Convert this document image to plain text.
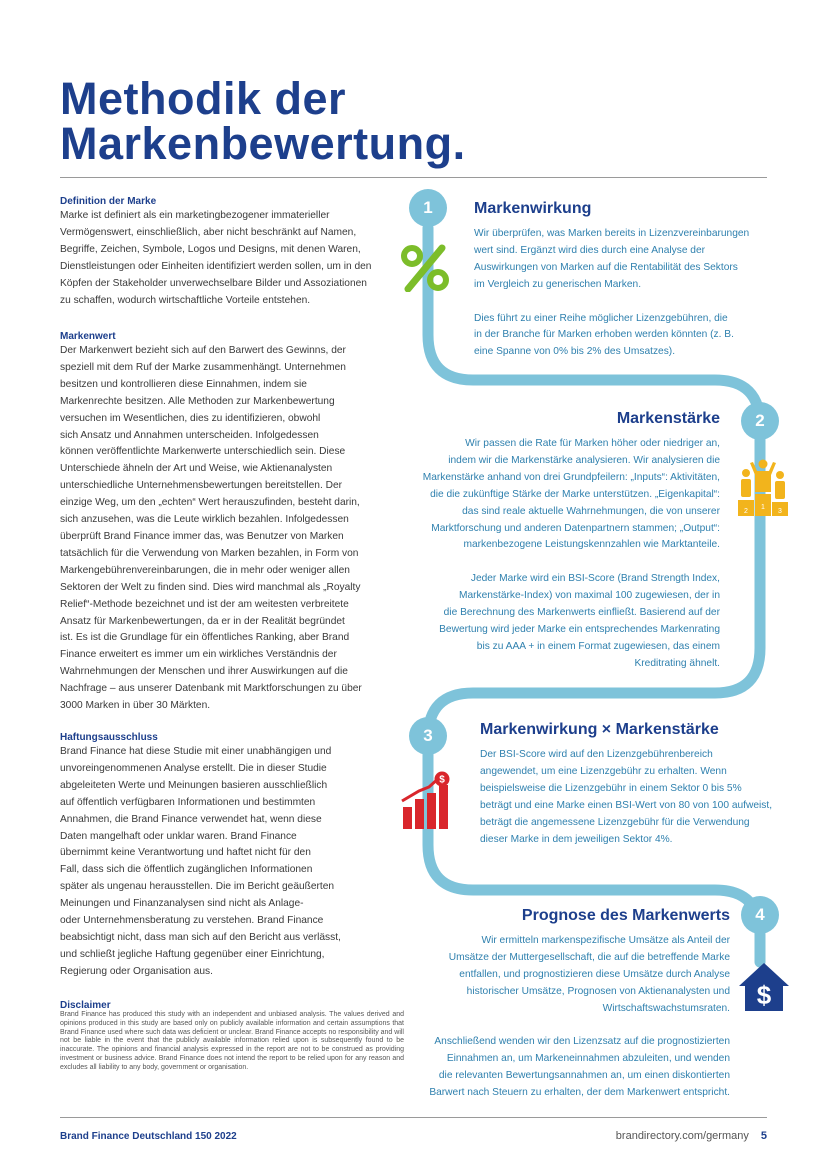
Methodik der
Markenbewertung.

Definition der Marke

Marke ist definiert als ein marketingbezogener immaterieller
Vermögenswert, einschließlich, aber nicht beschränkt auf Namen,
Begriffe, Zeichen, Symbole, Logos und Designs, mit denen Waren,
Dienstleistungen oder Einheiten identifiziert werden sollen, um in den
Köpfen der Stakeholder unverwechselbare Bilder und Assoziationen
zu schaffen, wodurch wirtschaftliche Vorteile entstehen.

Markenwert

Der Markenwert bezieht sich auf den Barwert des Gewinns, der
speziell mit dem Ruf der Marke zusammenhängt. Unternehmen
besitzen und kontrollieren diese Einnahmen, indem sie
Markenrechte besitzen. Alle Methoden zur Markenbewertung
versuchen im Wesentlichen, dies zu identifizieren, obwohl
sich Ansatz und Annahmen unterscheiden. Infolgedessen
können veröffentlichte Markenwerte unterschiedlich sein. Diese
Unterschiede ähneln der Art und Weise, wie Aktienanalysten
unterschiedliche Unternehmensbewertungen bereitstellen. Der
einzige Weg, um den „echten“ Wert herauszufinden, besteht darin,
sich anzusehen, was die Leute wirklich bezahlen. Infolgedessen
überprüft Brand Finance immer das, was Benutzer von Marken
tatsächlich für die Verwendung von Marken bezahlen, in Form von
Markengebührenvereinbarungen, die in mehr oder weniger allen
Sektoren der Welt zu finden sind. Dies wird manchmal als „Royalty
Relief“-Methode bezeichnet und ist der am weitesten verbreitete
Ansatz für Markenbewertungen, da er in der Realität begründet
ist. Es ist die Grundlage für ein öffentliches Ranking, aber Brand
Finance erweitert es immer um ein wirkliches Verständnis der
Wahrnehmungen der Menschen und ihrer Auswirkungen auf die
Nachfrage – aus unserer Datenbank mit Marktforschungen zu über
3000 Marken in über 30 Märkten.

Haftungsausschluss

Brand Finance hat diese Studie mit einer unabhängigen und
unvoreingenommenen Analyse erstellt. Die in dieser Studie
abgeleiteten Werte und Meinungen basieren ausschließlich
auf öffentlich verfügbaren Informationen und bestimmten
Annahmen, die Brand Finance verwendet hat, wenn diese
Daten mangelhaft oder unklar waren. Brand Finance
übernimmt keine Verantwortung und haftet nicht für den
Fall, dass sich die öffentlich zugänglichen Informationen
später als ungenau herausstellen. Die im Bericht geäußerten
Meinungen und Finanzanalysen sind nicht als Anlage-
oder Unternehmensberatung zu verstehen. Brand Finance
beabsichtigt nicht, dass man sich auf den Bericht aus verlässt,
und schließt jegliche Haftung gegenüber einer Einrichtung,
Regierung oder Organisation aus.

Disclaimer

Brand Finance has produced this study with an independent and unbiased analysis. The values derived and opinions produced in this study are based only on publicly available information and certain assumptions that Brand Finance used where such data was deficient or unclear. Brand Finance accepts no responsibility and will not be liable in the event that the publicly available information relied upon is subsequently found to be inaccurate. The opinions and financial analysis expressed in the report are not to be construed as providing investment or business advice. Brand Finance does not intend the report to be relied upon for any reason and excludes all liability to any body, government or organisation.

1
2
3
4
2
1
3
$
$

Markenwirkung

Wir überprüfen, was Marken bereits in Lizenzvereinbarungen
wert sind. Ergänzt wird dies durch eine Analyse der
Auswirkungen von Marken auf die Rentabilität des Sektors
im Vergleich zu generischen Marken.
Dies führt zu einer Reihe möglicher Lizenzgebühren, die
in der Branche für Marken erhoben werden könnten (z. B.
eine Spanne von 0% bis 2% des Umsatzes).

Markenstärke

Wir passen die Rate für Marken höher oder niedriger an,
indem wir die Markenstärke analysieren. Wir analysieren die
Markenstärke anhand von drei Grundpfeilern: „Inputs“: Aktivitäten,
die die zukünftige Stärke der Marke unterstützen. „Eigenkapital“:
das sind reale aktuelle Wahrnehmungen, die von unserer
Marktforschung und anderen Datenpartnern stammen; „Output“:
markenbezogene Leistungskennzahlen wie Marktanteile.
Jeder Marke wird ein BSI-Score (Brand Strength Index,
Markenstärke-Index) von maximal 100 zugewiesen, der in
die Berechnung des Markenwerts einfließt. Basierend auf der
Bewertung wird jeder Marke ein entsprechendes Markenrating
bis zu AAA + in einem Format zugewiesen, das einem
Kreditrating ähnelt.

Markenwirkung × Markenstärke

Der BSI-Score wird auf den Lizenzgebührenbereich
angewendet, um eine Lizenzgebühr zu erhalten. Wenn
beispielsweise die Lizenzgebühr in einem Sektor 0 bis 5%
beträgt und eine Marke einen BSI-Wert von 80 von 100 aufweist,
beträgt die angemessene Lizenzgebühr für die Verwendung
dieser Marke in dem jeweiligen Sektor 4%.

Prognose des Markenwerts

Wir ermitteln markenspezifische Umsätze als Anteil der
Umsätze der Muttergesellschaft, die auf die betreffende Marke
entfallen, und prognostizieren diese Umsätze durch Analyse
historischer Umsätze, Prognosen von Aktienanalysten und
Wirtschaftswachstumsraten.
Anschließend wenden wir den Lizenzsatz auf die prognostizierten
Einnahmen an, um Markeneinnahmen abzuleiten, und wenden
die relevanten Bewertungsannahmen an, um einen diskontierten
Barwert nach Steuern zu erhalten, der dem Markenwert entspricht.
Brand Finance Deutschland 150 2022	brandirectory.com/germany 5
